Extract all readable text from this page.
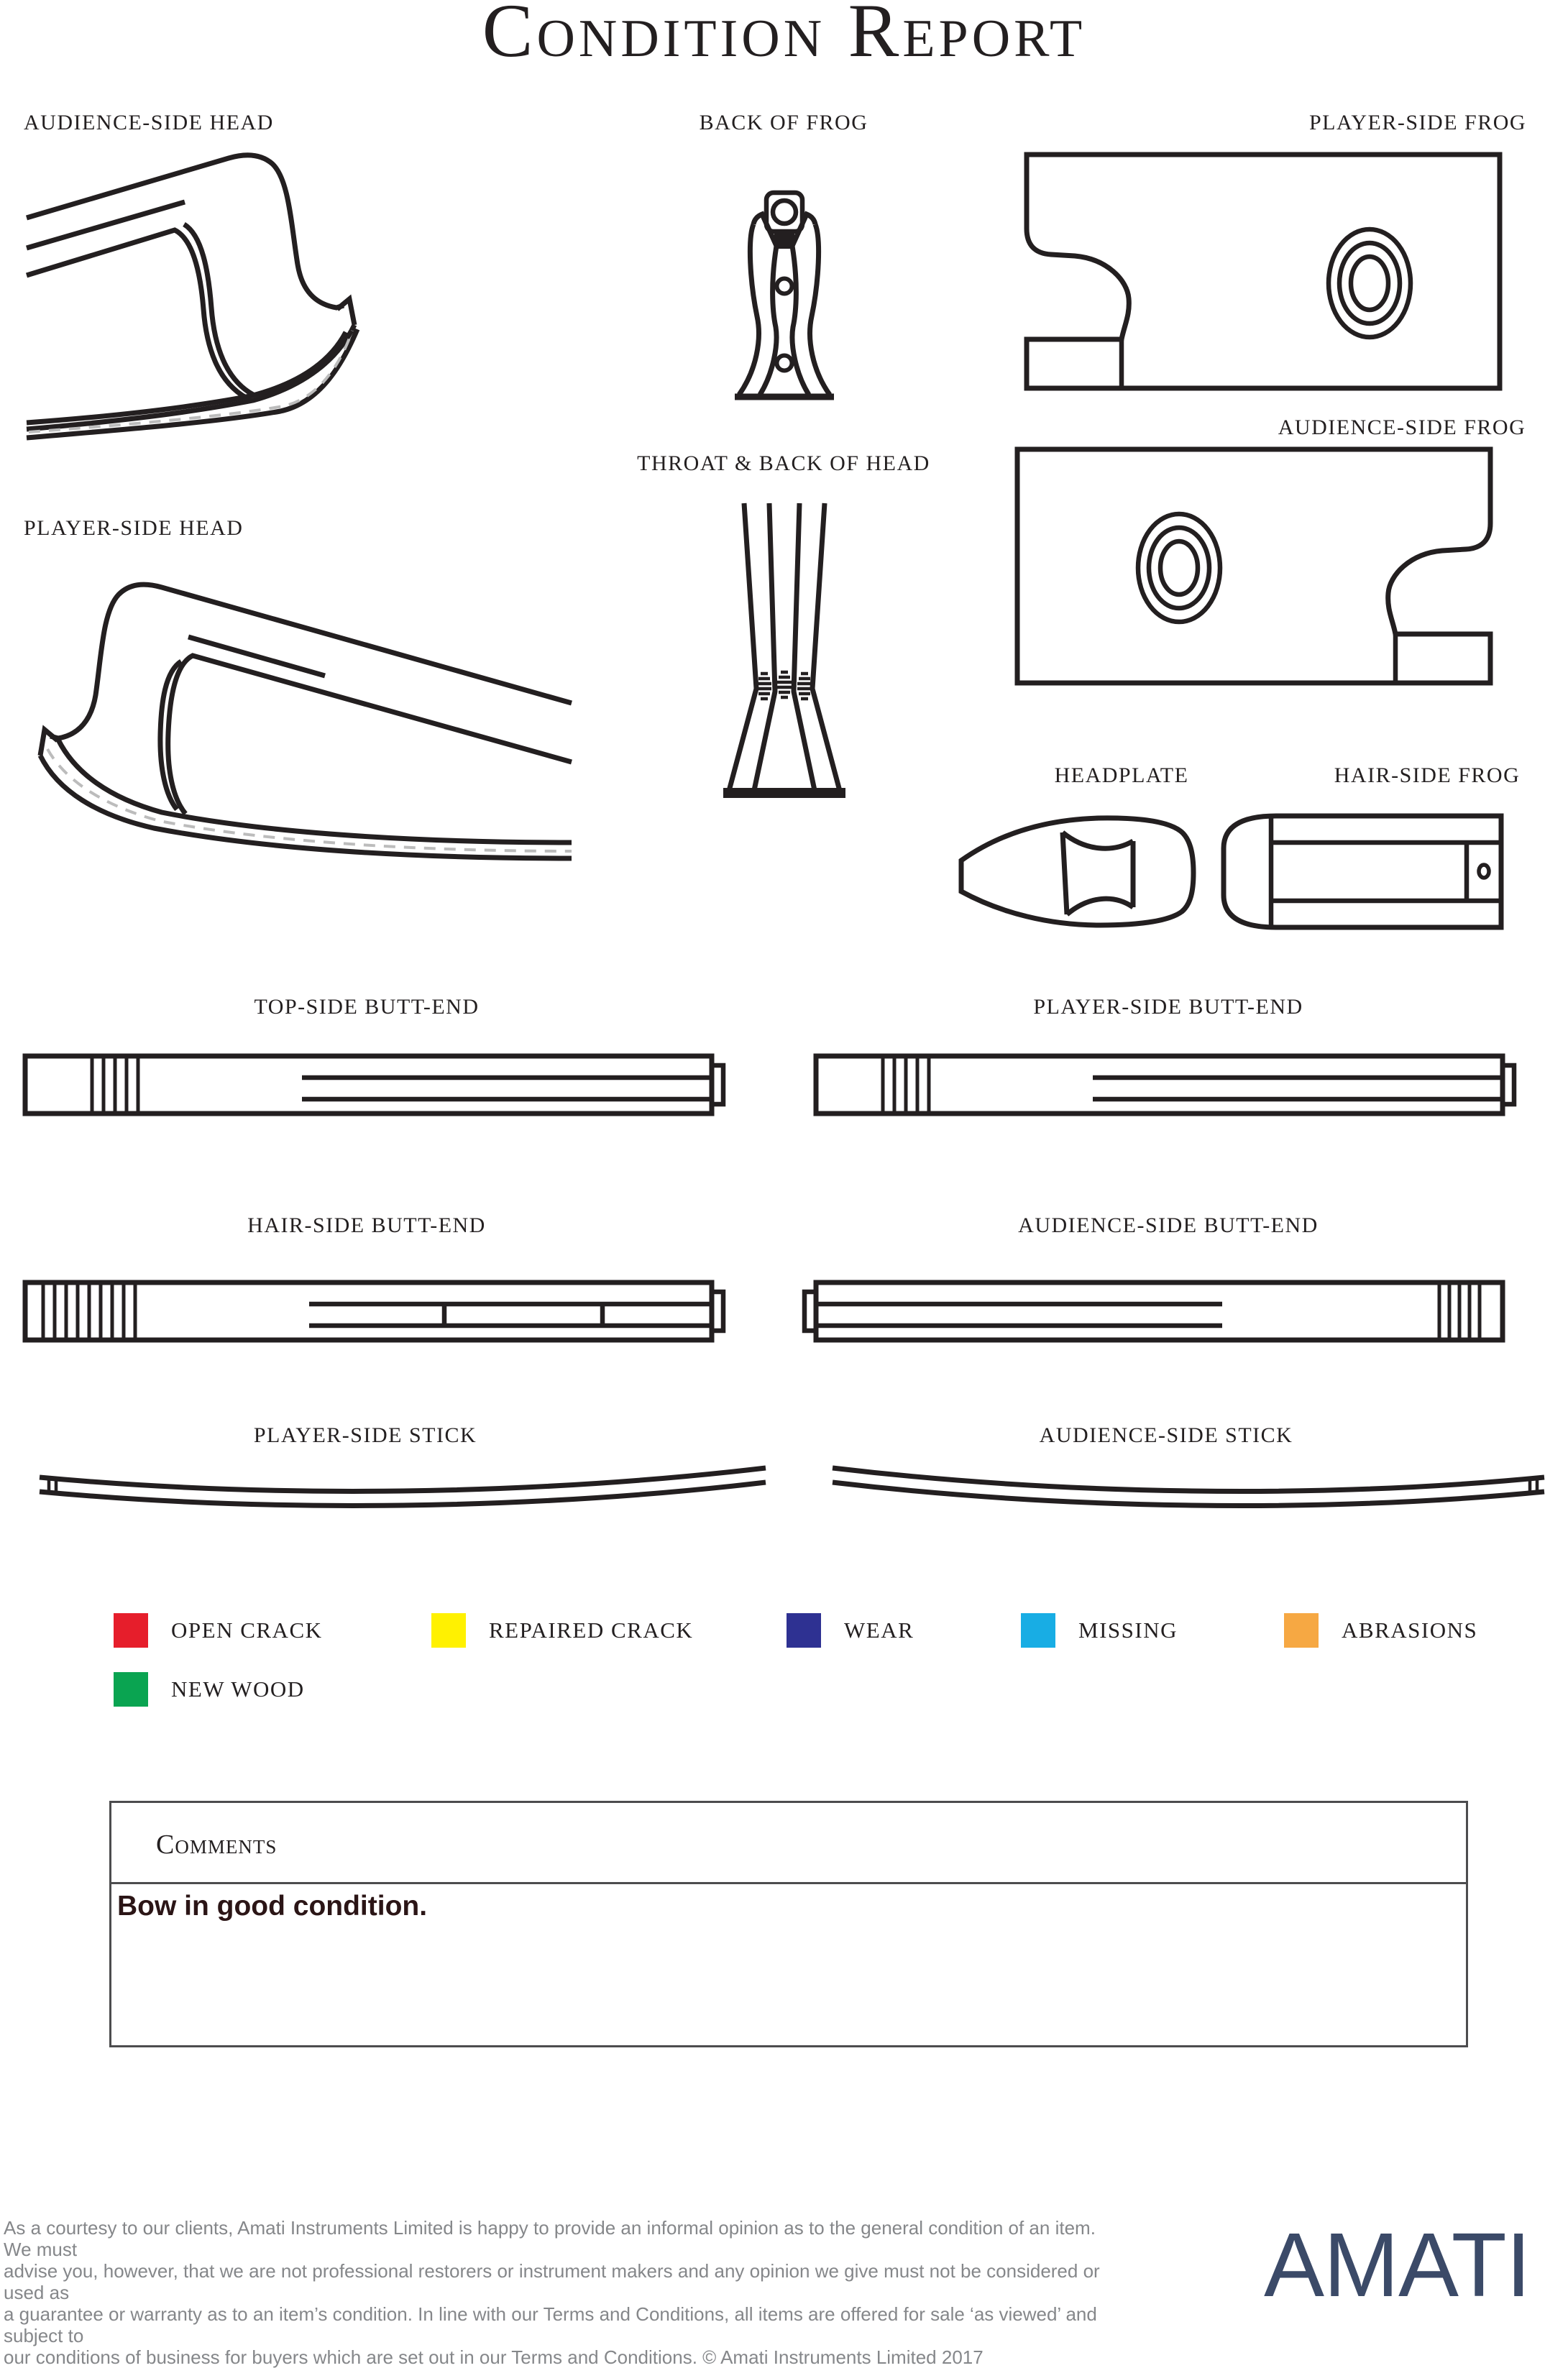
Condition Report
AUDIENCE-SIDE HEAD	BACK OF FROG	PLAYER-SIDE FROG
AUDIENCE-SIDE FROG
PLAYER-SIDE HEAD
THROAT & BACK OF HEAD
HEADPLATE	HAIR-SIDE FROG
TOP-SIDE BUTT-END	PLAYER-SIDE BUTT-END
HAIR-SIDE BUTT-END	AUDIENCE-SIDE BUTT-END
PLAYER-SIDE STICK	AUDIENCE-SIDE STICK
OPEN CRACK	REPAIRED CRACK	WEAR	MISSING	ABRASIONS
NEW WOOD
Comments
Bow in good condition.
As a courtesy to our clients, Amati Instruments Limited is happy to provide an informal opinion as to the general condition of an item. We must
advise you, however, that we are not professional restorers or instrument makers and any opinion we give must not be considered or used as
a guarantee or warranty as to an item’s condition. In line with our Terms and Conditions, all items are offered for sale ‘as viewed’ and subject to
our conditions of business for buyers which are set out in our Terms and Conditions. © Amati Instruments Limited 2017
AMATI
